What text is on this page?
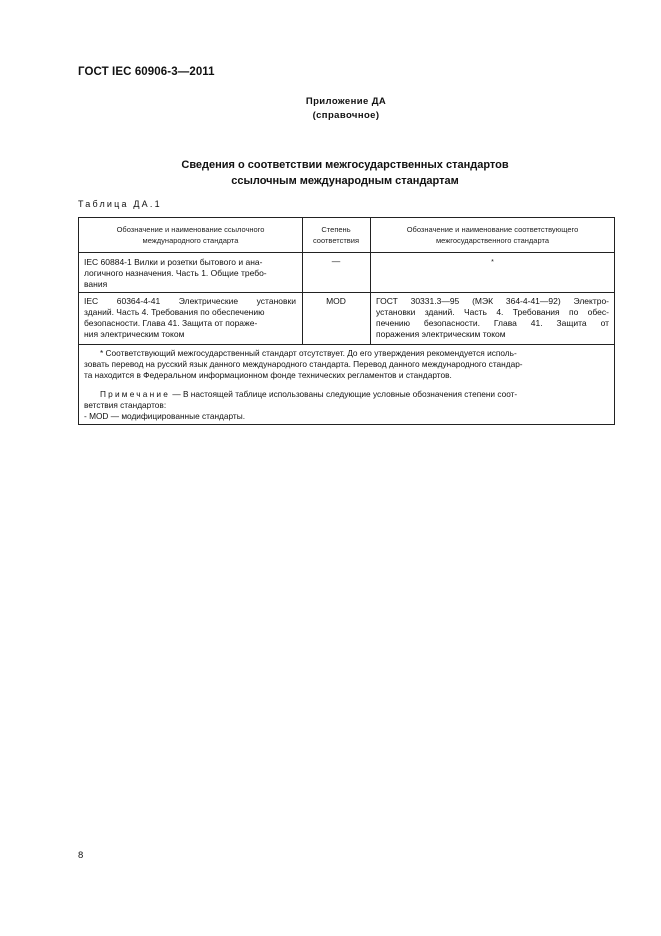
ГОСТ IEC 60906-3—2011
Приложение ДА
(справочное)
Сведения о соответствии межгосударственных стандартов
ссылочным международным стандартам
Таблица ДА.1
Обозначение и наименование ссылочного
международного стандарта
Степень
соответствия
Обозначение и наименование соответствующего
межгосударственного стандарта
IEC 60884-1 Вилки и розетки бытового и ана-
логичного назначения. Часть 1. Общие требо-
вания
—	*
IEC 60364-4-41 Электрические установки
зданий. Часть 4. Требования по обеспечению
безопасности. Глава 41. Защита от пораже-
ния электрическим током
MOD	ГОСТ 30331.3—95 (МЭК 364-4-41—92) Электро-
установки зданий. Часть 4. Требования по обес-
печению безопасности. Глава 41. Защита от
поражения электрическим током
* Соответствующий межгосударственный стандарт отсутствует. До его утверждения рекомендуется исполь-
зовать перевод на русский язык данного международного стандарта. Перевод данного международного стандар-
та находится в Федеральном информационном фонде технических регламентов и стандартов.
Примечание — В настоящей таблице использованы следующие условные обозначения степени соот-
ветствия стандартов:
- MOD — модифицированные стандарты.
8
